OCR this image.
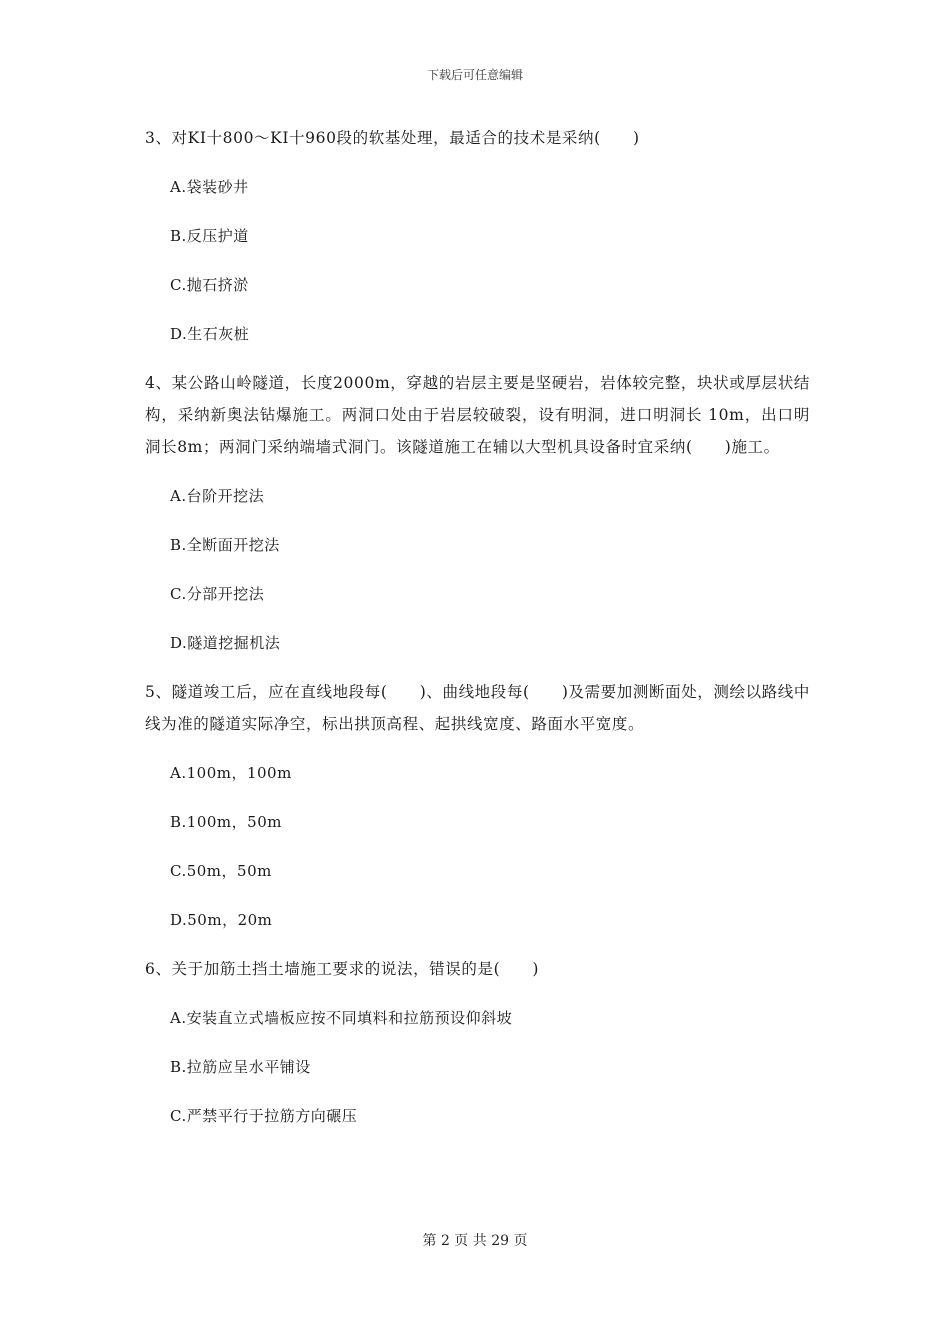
下载后可任意编辑

3、对KI十800～KI十960段的软基处理，最适合的技术是采纳(　　)

A.袋装砂井

B.反压护道

C.抛石挤淤

D.生石灰桩

4、某公路山岭隧道，长度2000m，穿越的岩层主要是坚硬岩，岩体较完整，块状或厚层状结构，采纳新奥法钻爆施工。两洞口处由于岩层较破裂，设有明洞，进口明洞长 10m，出口明洞长8m；两洞门采纳端墙式洞门。该隧道施工在辅以大型机具设备时宜采纳(　　)施工。

A.台阶开挖法

B.全断面开挖法

C.分部开挖法

D.隧道挖掘机法

5、隧道竣工后，应在直线地段每(　　)、曲线地段每(　　)及需要加测断面处，测绘以路线中线为准的隧道实际净空，标出拱顶高程、起拱线宽度、路面水平宽度。

A.100m，100m

B.100m，50m

C.50m，50m

D.50m，20m

6、关于加筋土挡土墙施工要求的说法，错误的是(　　)

A.安装直立式墙板应按不同填料和拉筋预设仰斜坡

B.拉筋应呈水平铺设

C.严禁平行于拉筋方向碾压

第 2 页 共 29 页
